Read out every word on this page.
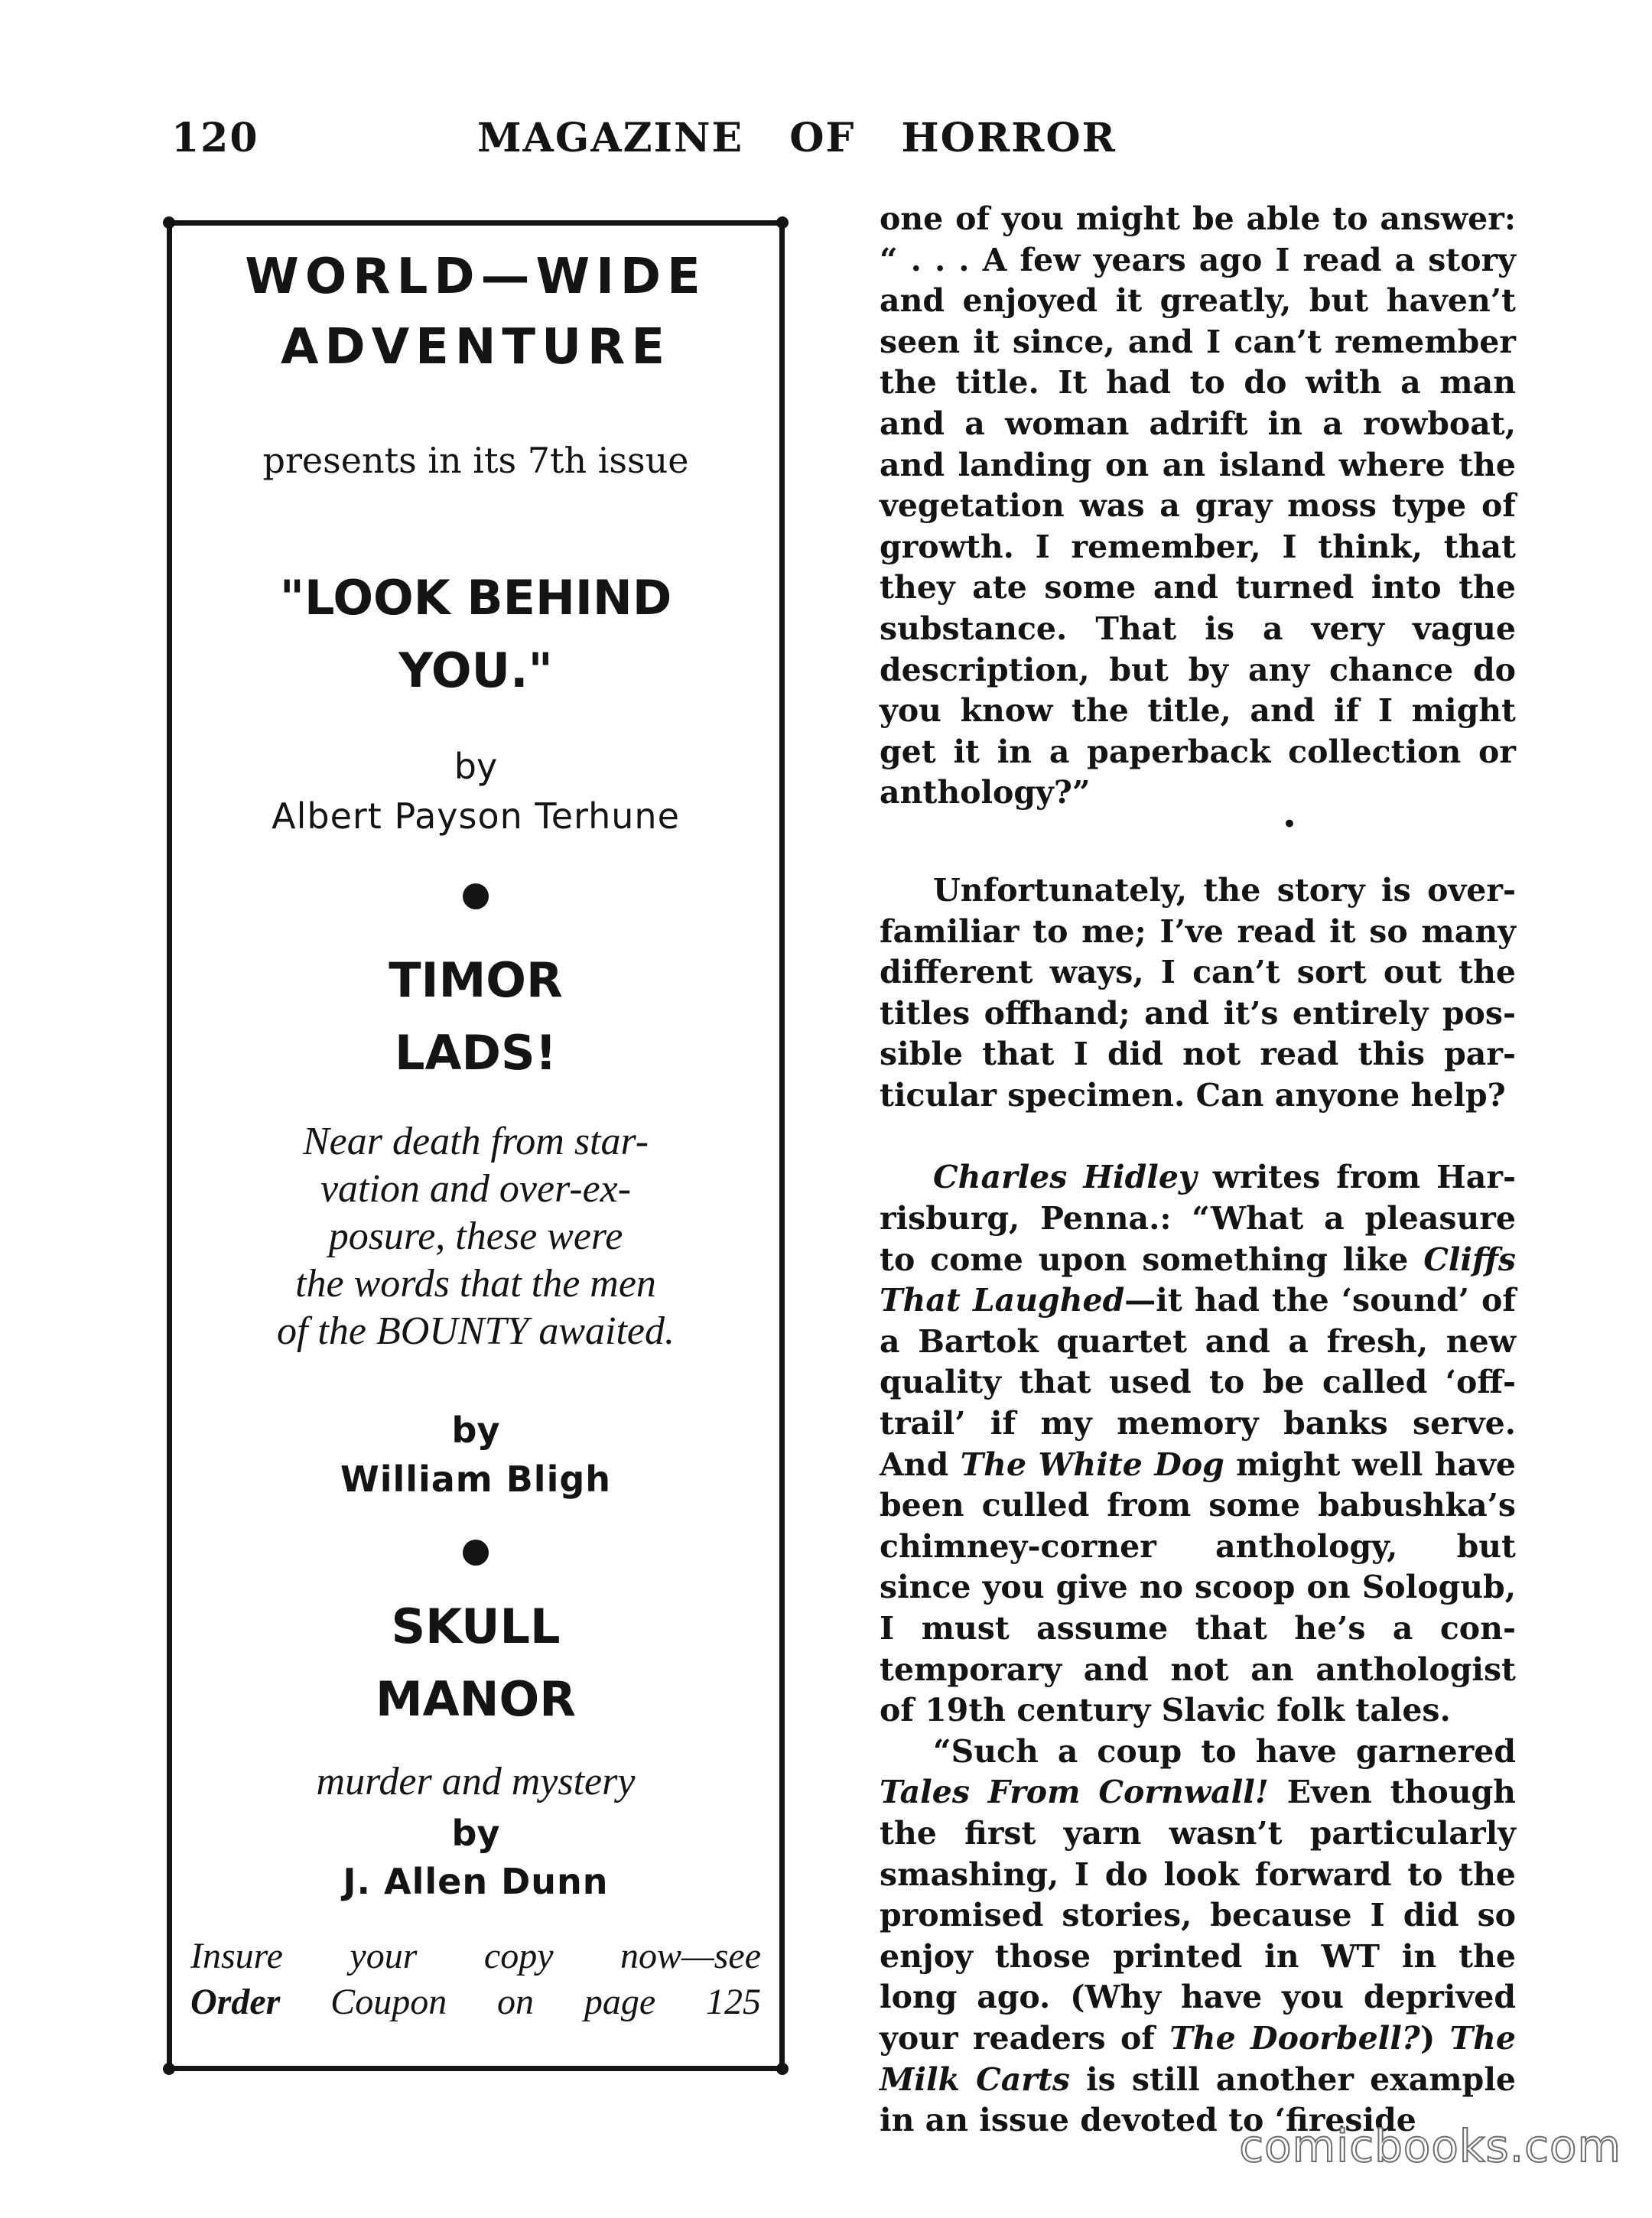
120	MAGAZINE OF HORROR
WORLD—WIDE
ADVENTURE
presents in its 7th issue
"LOOK BEHIND
YOU."
by
Albert Payson Terhune
TIMOR
LADS!
Near death from star-
vation and over-ex-
posure, these were
the words that the men
of the BOUNTY awaited.
by
William Bligh
SKULL
MANOR
murder and mystery
by
J. Allen Dunn
Insure your copy now—see
Order Coupon on page 125

one of you might be able to answer: “ . . . A few years ago I read a story and enjoyed it greatly, but haven’t seen it since, and I can’t remember the title. It had to do with a man and a woman adrift in a rowboat, and landing on an island where the vegetation was a gray moss type of growth. I remember, I think, that they ate some and turned into the substance. That is a very vague description, but by any chance do you know the title, and if I might get it in a paperback collection or anthology?”

•

Unfortunately, the story is overfamiliar to me; I’ve read it so many different ways, I can’t sort out the titles offhand; and it’s entirely possible that I did not read this particular specimen. Can anyone help?

Charles Hidley writes from Harrisburg, Penna.: “What a pleasure to come upon something like Cliffs That Laughed—it had the ‘sound’ of a Bartok quartet and a fresh, new quality that used to be called ‘off-trail’ if my memory banks serve. And The White Dog might well have been culled from some babushka’s chimney-corner anthology, but since you give no scoop on Sologub, I must assume that he’s a contemporary and not an anthologist of 19th century Slavic folk tales.

“Such a coup to have garnered Tales From Cornwall! Even though the first yarn wasn’t particularly smashing, I do look forward to the promised stories, because I did so enjoy those printed in WT in the long ago. (Why have you deprived your readers of The Doorbell?) The Milk Carts is still another example in an issue devoted to ‘fireside

comicbooks.com
